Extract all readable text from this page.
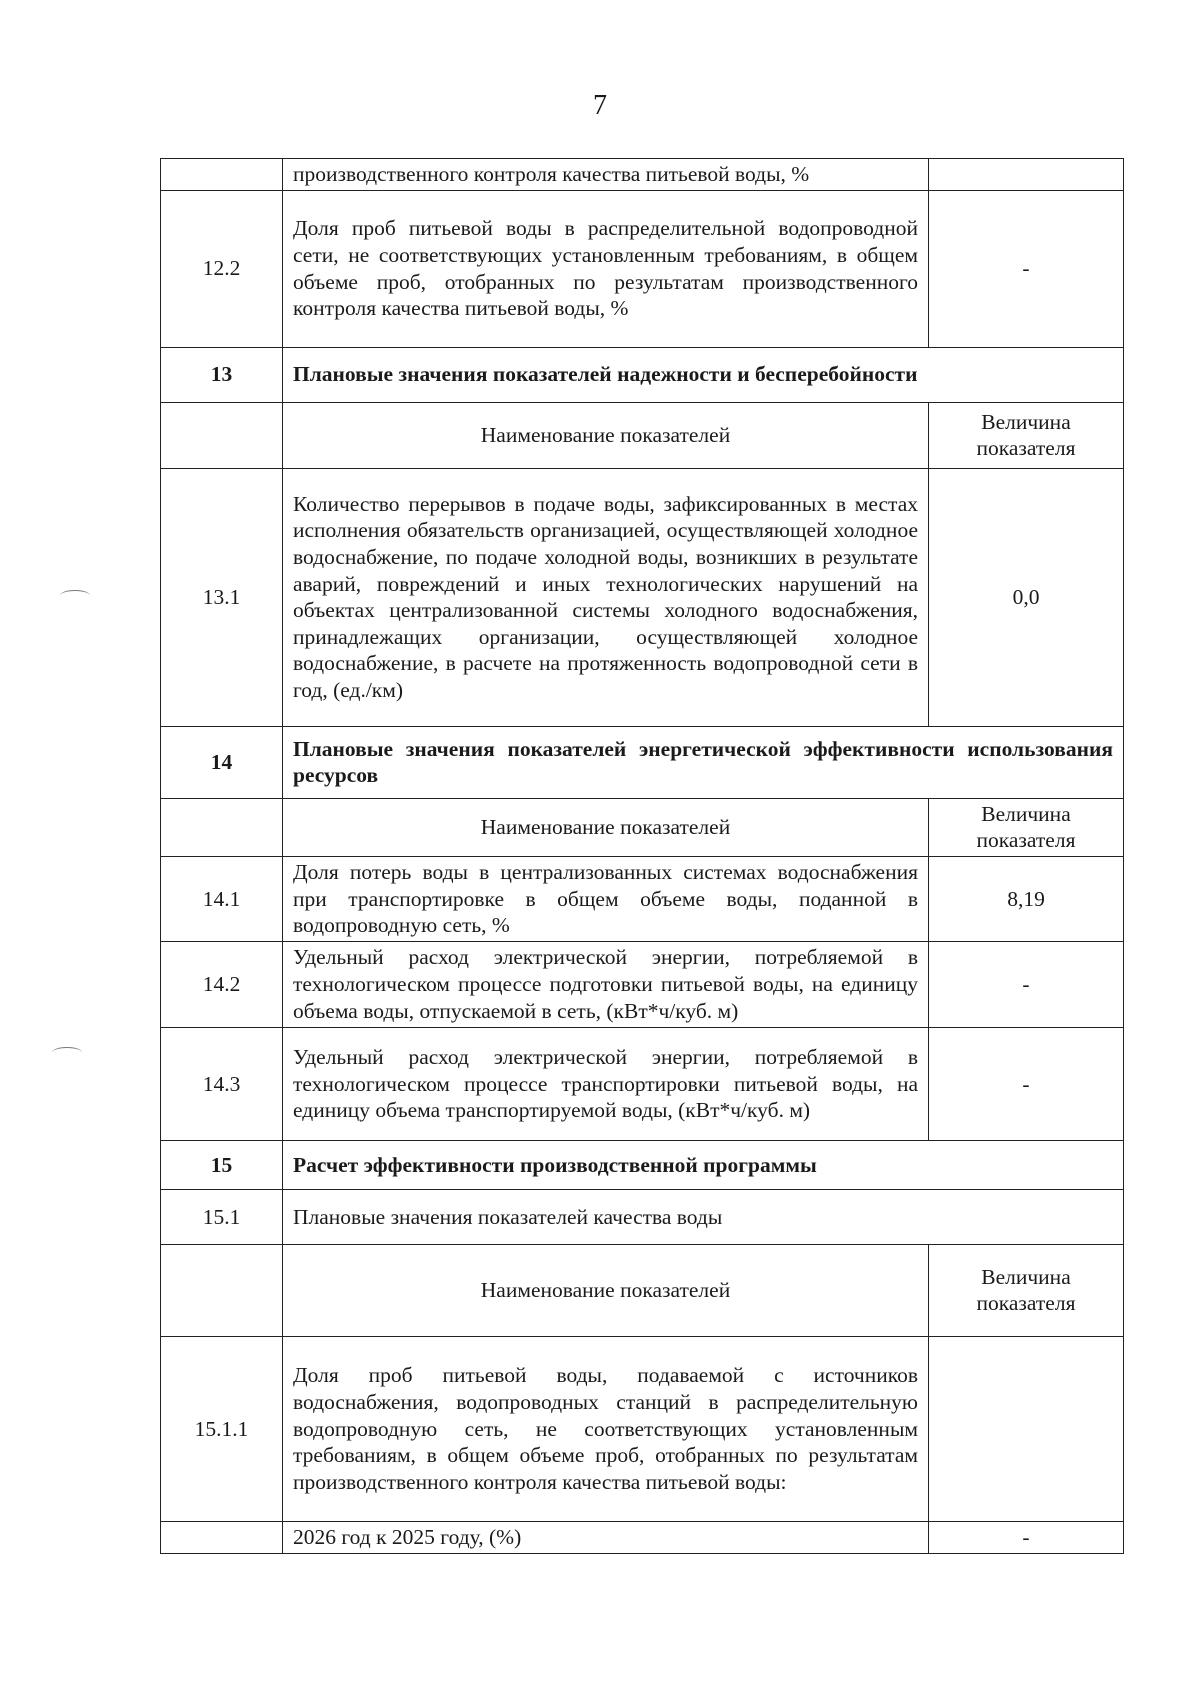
7
	производственного контроля качества питьевой воды, %	
12.2	Доля проб питьевой воды в распределительной водопроводной сети, не соответствующих установленным требованиям, в общем объеме проб, отобранных по результатам производственного контроля качества питьевой воды, %	-
13	Плановые значения показателей надежности и бесперебойности	
	Наименование показателей	Величина показателя
13.1	Количество перерывов в подаче воды, зафиксированных в местах исполнения обязательств организацией, осуществляющей холодное водоснабжение, по подаче холодной воды, возникших в результате аварий, повреждений и иных технологических нарушений на объектах централизованной системы холодного водоснабжения, принадлежащих организации, осуществляющей холодное водоснабжение, в расчете на протяженность водопроводной сети в год, (ед./км)	0,0
14	Плановые значения показателей энергетической эффективности использования ресурсов	
	Наименование показателей	Величина показателя
14.1	Доля потерь воды в централизованных системах водоснабжения при транспортировке в общем объеме воды, поданной в водопроводную сеть, %	8,19
14.2	Удельный расход электрической энергии, потребляемой в технологическом процессе подготовки питьевой воды, на единицу объема воды, отпускаемой в сеть, (кВт*ч/куб. м)	-
14.3	Удельный расход электрической энергии, потребляемой в технологическом процессе транспортировки питьевой воды, на единицу объема транспортируемой воды, (кВт*ч/куб. м)	-
15	Расчет эффективности производственной программы	
15.1	Плановые значения показателей качества воды	
	Наименование показателей	Величина показателя
15.1.1	Доля проб питьевой воды, подаваемой с источников водоснабжения, водопроводных станций в распределительную водопроводную сеть, не соответствующих установленным требованиям, в общем объеме проб, отобранных по результатам производственного контроля качества питьевой воды:	
	2026 год к 2025 году, (%)	-
